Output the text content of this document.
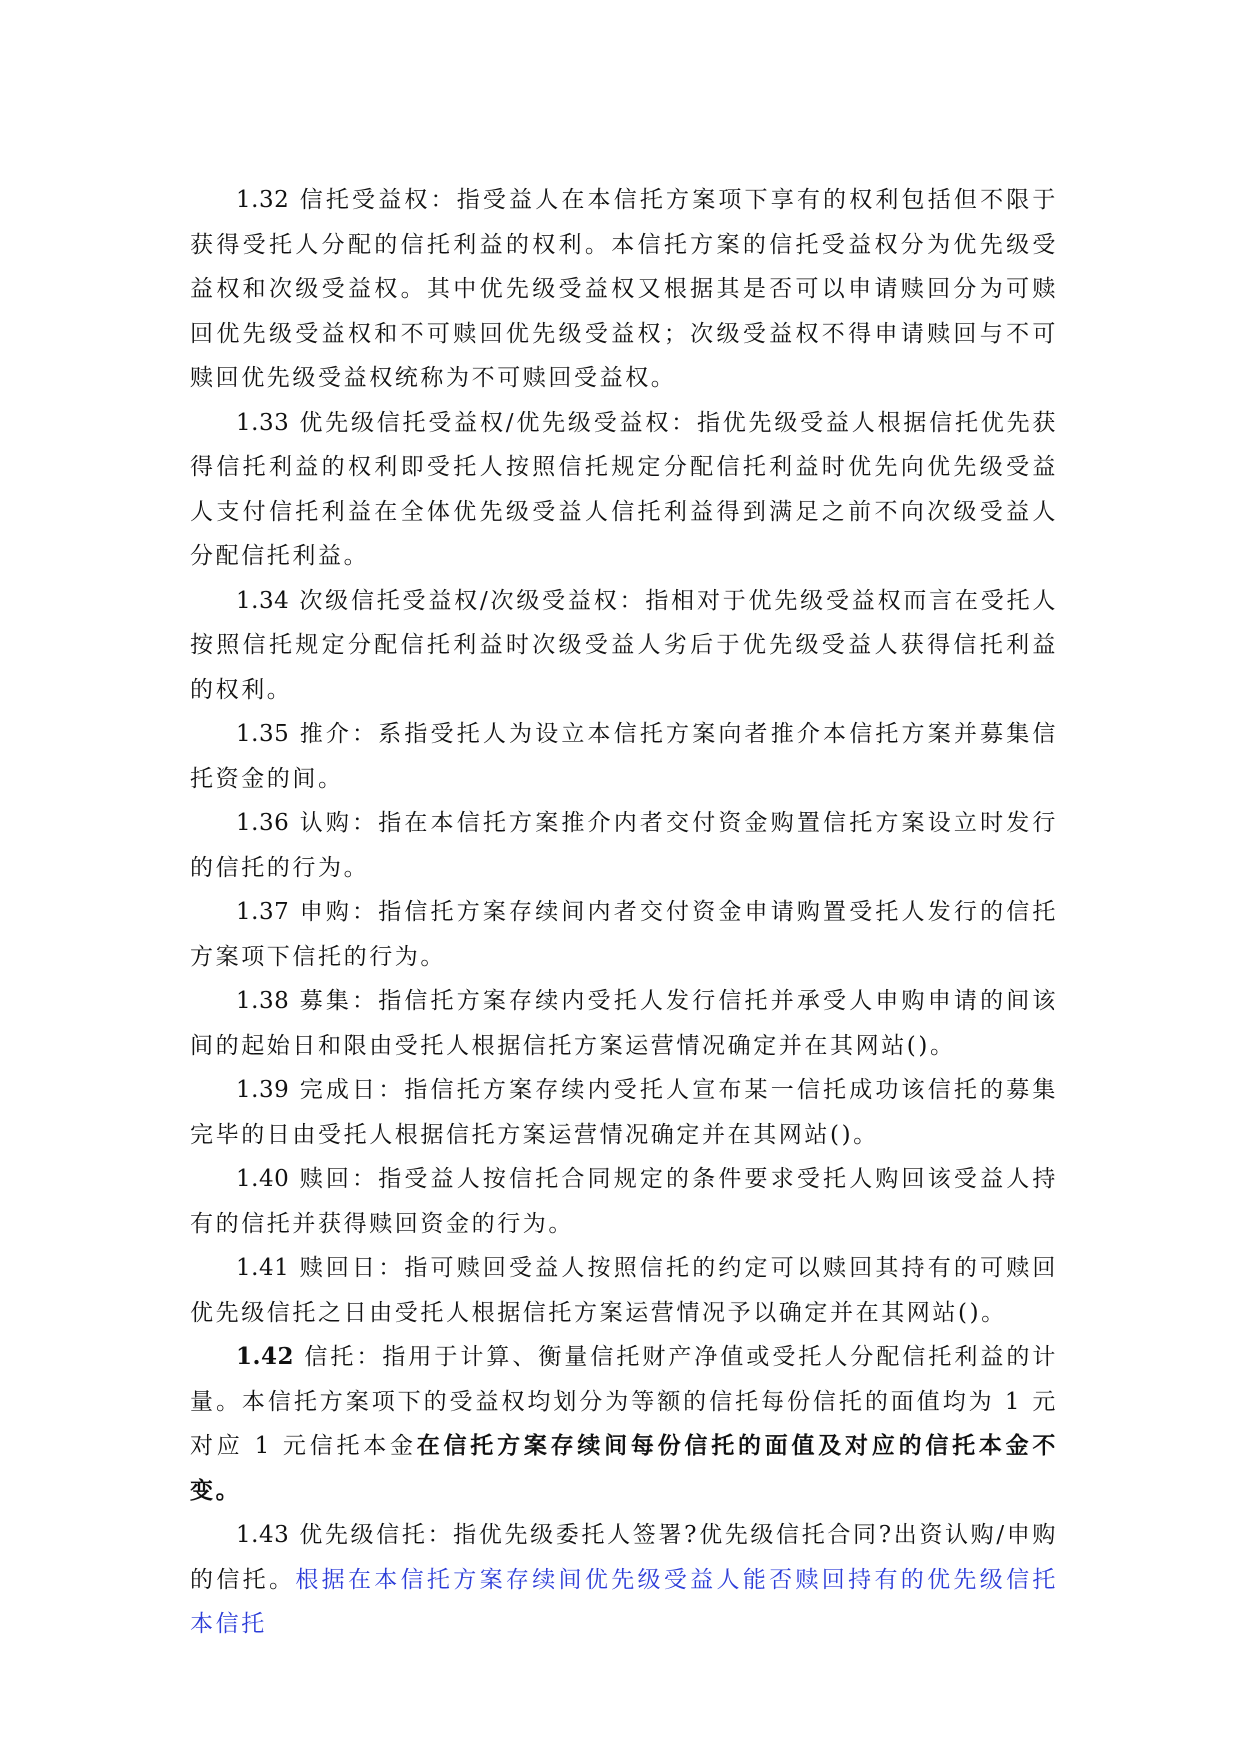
1.32 信托受益权：指受益人在本信托方案项下享有的权利包括但不限于获得受托人分配的信托利益的权利。本信托方案的信托受益权分为优先级受益权和次级受益权。其中优先级受益权又根据其是否可以申请赎回分为可赎回优先级受益权和不可赎回优先级受益权；次级受益权不得申请赎回与不可赎回优先级受益权统称为不可赎回受益权。

1.33 优先级信托受益权/优先级受益权：指优先级受益人根据信托优先获得信托利益的权利即受托人按照信托规定分配信托利益时优先向优先级受益人支付信托利益在全体优先级受益人信托利益得到满足之前不向次级受益人分配信托利益。

1.34 次级信托受益权/次级受益权：指相对于优先级受益权而言在受托人按照信托规定分配信托利益时次级受益人劣后于优先级受益人获得信托利益的权利。

1.35 推介：系指受托人为设立本信托方案向者推介本信托方案并募集信托资金的间。

1.36 认购：指在本信托方案推介内者交付资金购置信托方案设立时发行的信托的行为。

1.37 申购：指信托方案存续间内者交付资金申请购置受托人发行的信托方案项下信托的行为。

1.38 募集：指信托方案存续内受托人发行信托并承受人申购申请的间该间的起始日和限由受托人根据信托方案运营情况确定并在其网站()。

1.39 完成日：指信托方案存续内受托人宣布某一信托成功该信托的募集完毕的日由受托人根据信托方案运营情况确定并在其网站()。

1.40 赎回：指受益人按信托合同规定的条件要求受托人购回该受益人持有的信托并获得赎回资金的行为。

1.41 赎回日：指可赎回受益人按照信托的约定可以赎回其持有的可赎回优先级信托之日由受托人根据信托方案运营情况予以确定并在其网站()。

1.42 信托：指用于计算、衡量信托财产净值或受托人分配信托利益的计量。本信托方案项下的受益权均划分为等额的信托每份信托的面值均为 1 元对应 1 元信托本金在信托方案存续间每份信托的面值及对应的信托本金不变。

1.43 优先级信托：指优先级委托人签署?优先级信托合同?出资认购/申购的信托。根据在本信托方案存续间优先级受益人能否赎回持有的优先级信托本信托
